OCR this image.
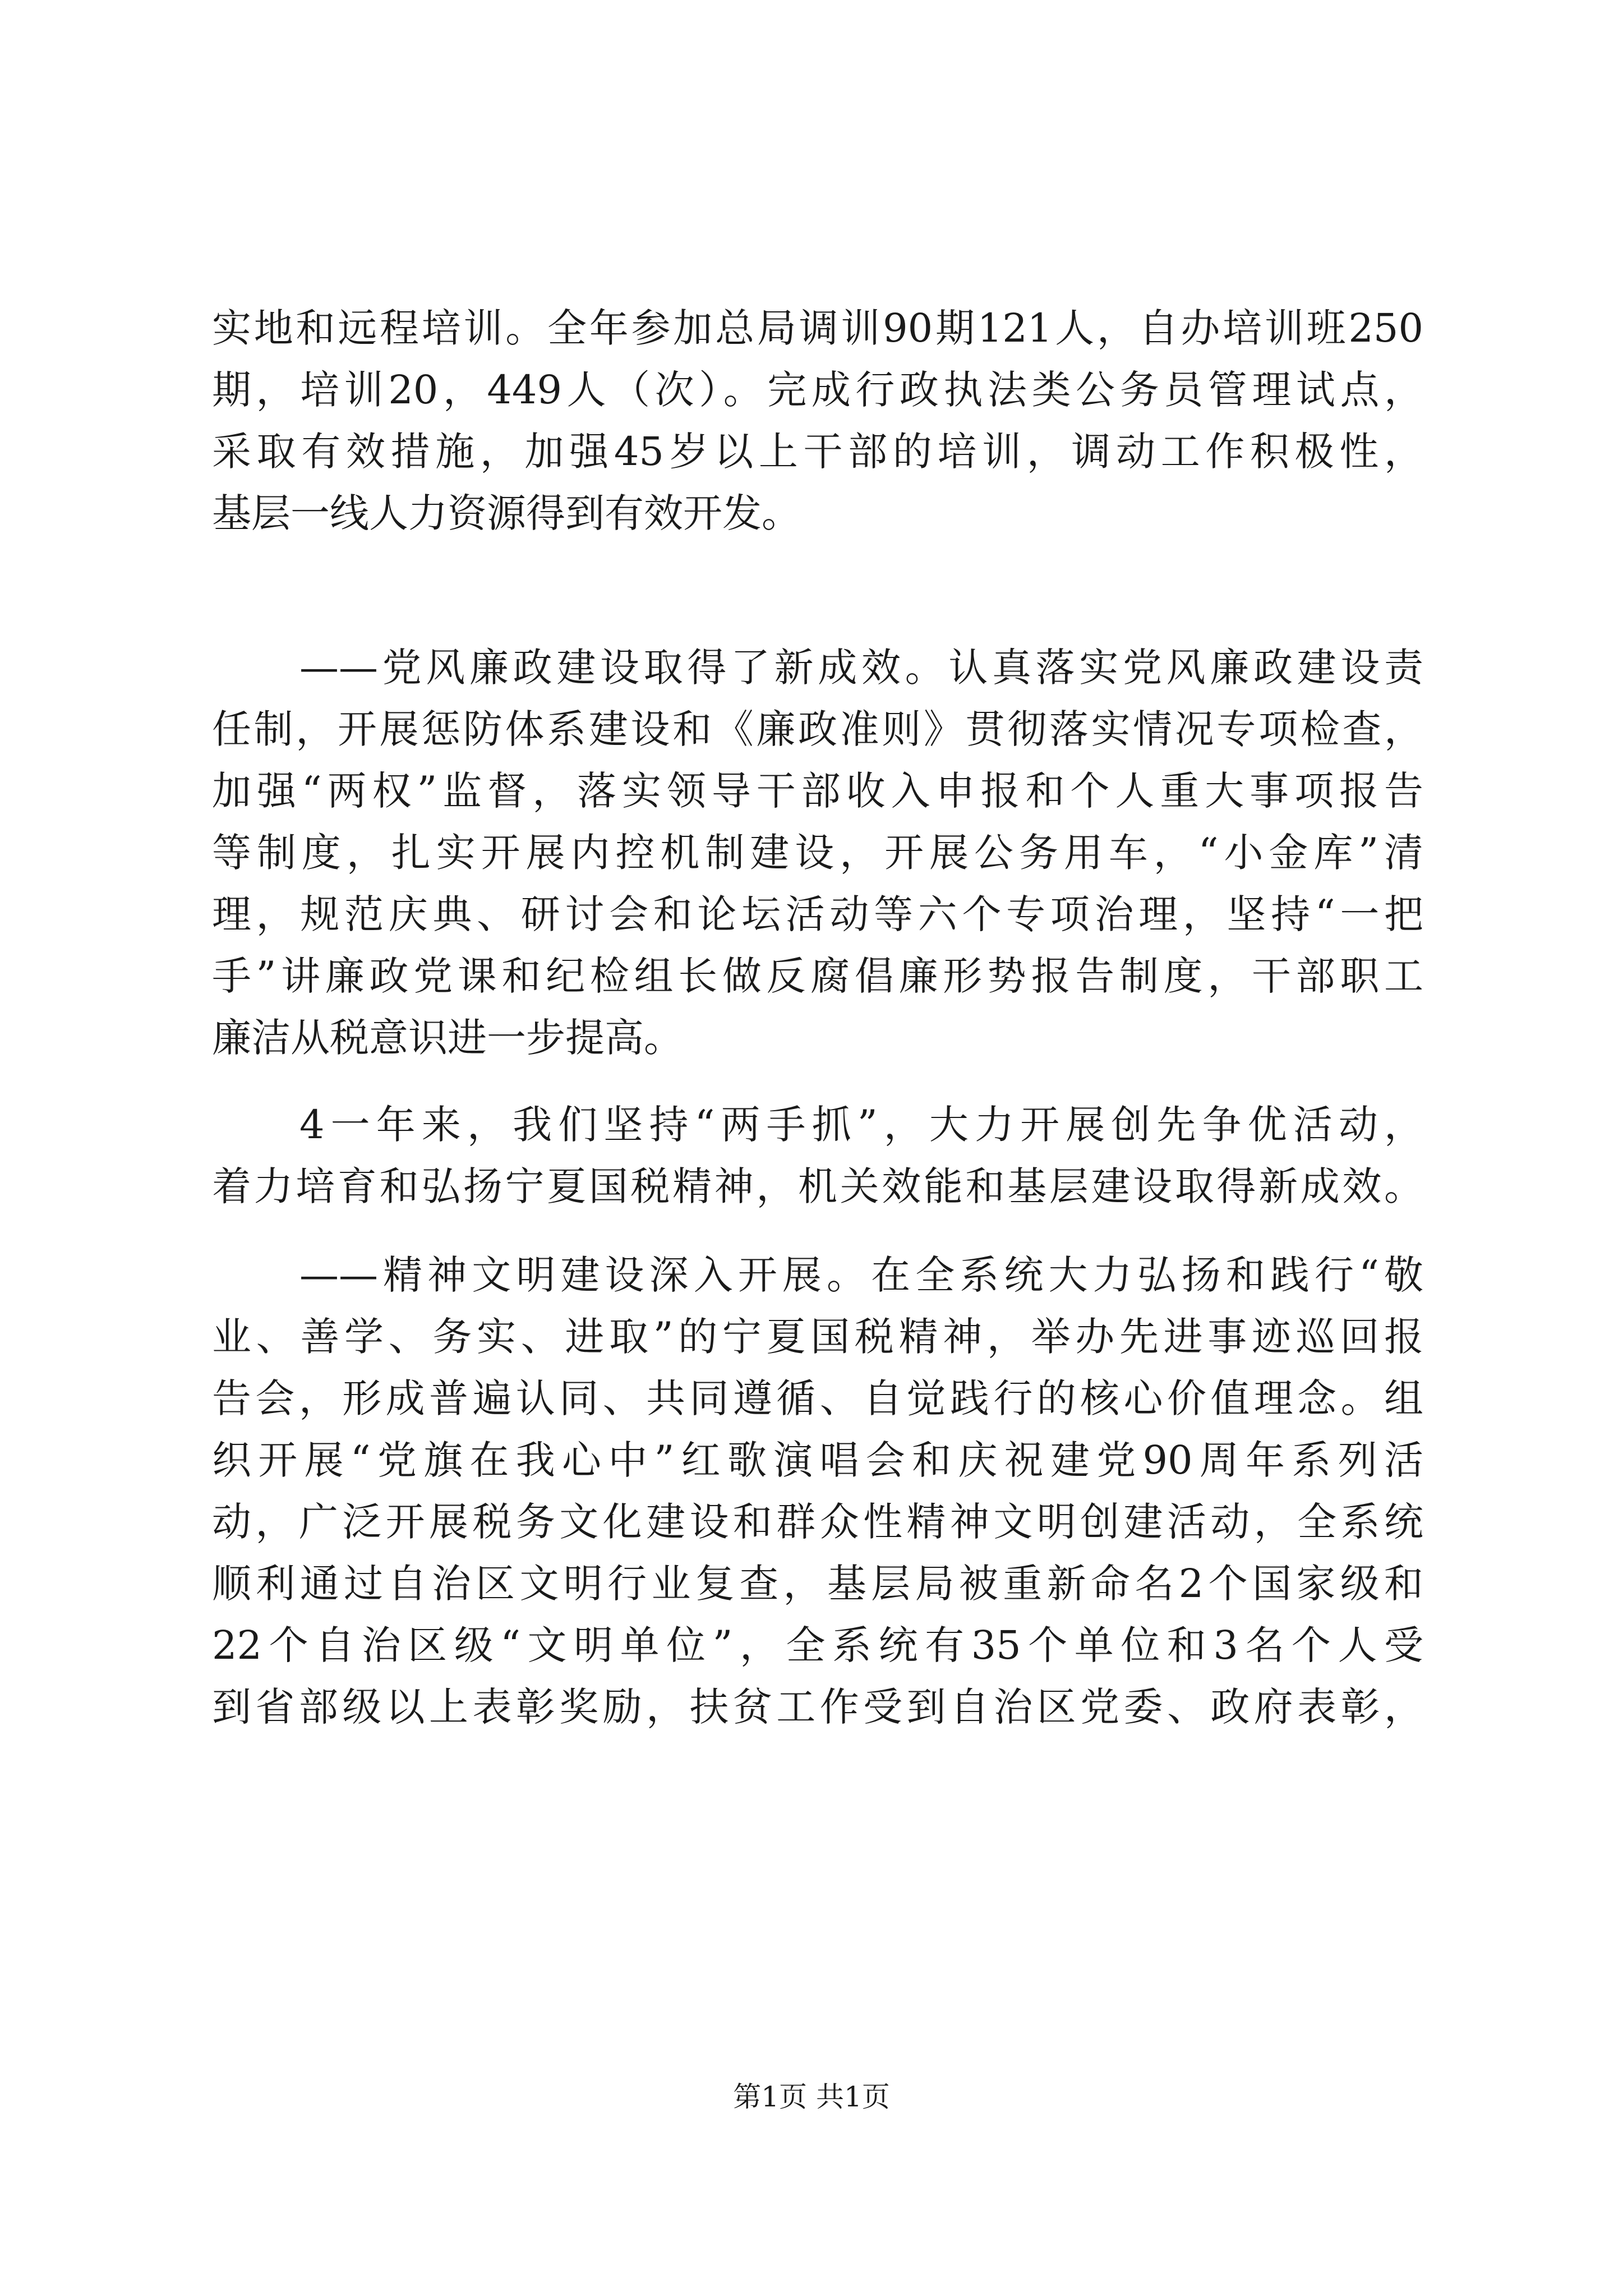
实地和远程培训。全年参加总局调训90期121人，自办培训班250
期，培训20，449人（次）。完成行政执法类公务员管理试点，
采取有效措施，加强45岁以上干部的培训，调动工作积极性，
基层一线人力资源得到有效开发。
——党风廉政建设取得了新成效。认真落实党风廉政建设责
任制，开展惩防体系建设和《廉政准则》贯彻落实情况专项检查，
加强“两权”监督，落实领导干部收入申报和个人重大事项报告
等制度，扎实开展内控机制建设，开展公务用车，“小金库”清
理，规范庆典、研讨会和论坛活动等六个专项治理，坚持“一把
手”讲廉政党课和纪检组长做反腐倡廉形势报告制度，干部职工
廉洁从税意识进一步提高。
4一年来，我们坚持“两手抓”，大力开展创先争优活动，
着力培育和弘扬宁夏国税精神，机关效能和基层建设取得新成效。
——精神文明建设深入开展。在全系统大力弘扬和践行“敬
业、善学、务实、进取”的宁夏国税精神，举办先进事迹巡回报
告会，形成普遍认同、共同遵循、自觉践行的核心价值理念。组
织开展“党旗在我心中”红歌演唱会和庆祝建党90周年系列活
动，广泛开展税务文化建设和群众性精神文明创建活动，全系统
顺利通过自治区文明行业复查，基层局被重新命名2个国家级和
22个自治区级“文明单位”，全系统有35个单位和3名个人受
到省部级以上表彰奖励，扶贫工作受到自治区党委、政府表彰，
第1页 共1页
